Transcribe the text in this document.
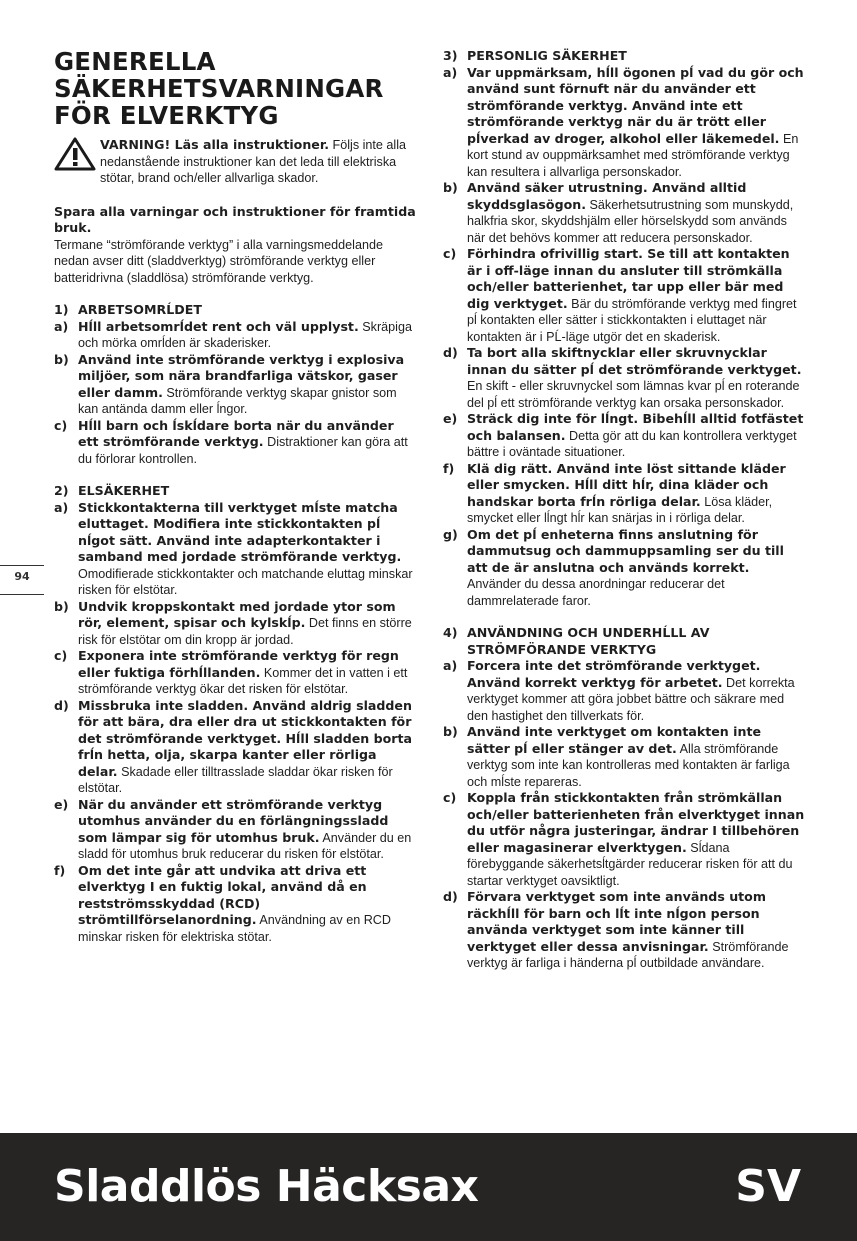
GENERELLA
SÄKERHETSVARNINGAR
FÖR ELVERKTYG
VARNING! Läs alla instruktioner. Följs inte alla nedanstående instruktioner kan det leda till elektriska stötar, brand och/eller allvarliga skador.
Spara alla varningar och instruktioner för framtida bruk.
Termane “strömförande verktyg” i alla varningsmeddelande nedan avser ditt (sladdverktyg) strömförande verktyg eller batteridrivna (sladdlösa) strömförande verktyg.
1) ARBETSOMRĹDET
a) Hĺll arbetsomrĺdet rent och väl upplyst. Skräpiga och mörka omrĺden är skaderisker.
b) Använd inte strömförande verktyg i explosiva miljöer, som nära brandfarliga vätskor, gaser eller damm. Strömförande verktyg skapar gnistor som kan antända damm eller ĺngor.
c) Hĺll barn och ĺskĺdare borta när du använder ett strömförande verktyg. Distraktioner kan göra att du förlorar kontrollen.
2) ELSÄKERHET
a) Stickkontakterna till verktyget mĺste matcha eluttaget. Modifiera inte stickkontakten pĺ nĺgot sätt. Använd inte adapterkontakter i samband med jordade strömförande verktyg. Omodifierade stickkontakter och matchande eluttag minskar risken för elstötar.
b) Undvik kroppskontakt med jordade ytor som rör, element, spisar och kylskĺp. Det finns en större risk för elstötar om din kropp är jordad.
c) Exponera inte strömförande verktyg för regn eller fuktiga förhĺllanden. Kommer det in vatten i ett strömförande verktyg ökar det risken för elstötar.
d) Missbruka inte sladden. Använd aldrig sladden för att bära, dra eller dra ut stickkontakten för det strömförande verktyget. Hĺll sladden borta frĺn hetta, olja, skarpa kanter eller rörliga delar. Skadade eller tilltrasslade sladdar ökar risken för elstötar.
e) När du använder ett strömförande verktyg utomhus använder du en förlängningssladd som lämpar sig för utomhus bruk. Använder du en sladd för utomhus bruk reducerar du risken för elstötar.
f)	Om det inte går att undvika att driva ett elverktyg I en fuktig lokal, använd då en restströmsskyddad (RCD) strömtillförselanordning. Användning av en RCD minskar risken för elektriska stötar.
3) PERSONLIG SÄKERHET
a) Var uppmärksam, hĺll ögonen pĺ vad du gör och använd sunt förnuft när du använder ett strömförande verktyg. Använd inte ett strömförande verktyg när du är trött eller pĺverkad av droger, alkohol eller läkemedel. En kort stund av ouppmärksamhet med strömförande verktyg kan resultera i allvarliga personskador.
b) Använd säker utrustning. Använd alltid skyddsglasögon. Säkerhetsutrustning som munskydd, halkfria skor, skyddshjälm eller hörselskydd som används när det behövs kommer att reducera personskador.
c) Förhindra ofrivillig start. Se till att kontakten är i off-läge innan du ansluter till strömkälla och/eller batterienhet, tar upp eller bär med dig verktyget. Bär du strömförande verktyg med fingret pĺ kontakten eller sätter i stickkontakten i eluttaget när kontakten är i PĹ-läge utgör det en skaderisk.
d) Ta bort alla skiftnycklar eller skruvnycklar innan du sätter pĺ det strömförande verktyget. En skift - eller skruvnyckel som lämnas kvar pĺ en roterande del pĺ ett strömförande verktyg kan orsaka personskador.
e) Sträck dig inte för lĺngt. Bibehĺll alltid fotfästet och balansen. Detta gör att du kan kontrollera verktyget bättre i oväntade situationer.
f)	Klä dig rätt. Använd inte löst sittande kläder eller smycken. Hĺll ditt hĺr, dina kläder och handskar borta frĺn rörliga delar. Lösa kläder, smycket eller lĺngt hĺr kan snärjas in i rörliga delar.
g) Om det pĺ enheterna finns anslutning för dammutsug och dammuppsamling ser du till att de är anslutna och används korrekt. Använder du dessa anordningar reducerar det dammrelaterade faror.
4) ANVÄNDNING OCH UNDERHĹLL AV STRÖMFÖRANDE VERKTYG
a) Forcera inte det strömförande verktyget. Använd korrekt verktyg för arbetet. Det korrekta verktyget kommer att göra jobbet bättre och säkrare med den hastighet den tillverkats för.
b) Använd inte verktyget om kontakten inte sätter pĺ eller stänger av det. Alla strömförande verktyg som inte kan kontrolleras med kontakten är farliga och mĺste repareras.
c) Koppla från stickkontakten från strömkällan och/eller batterienheten från elverktyget innan du utför några justeringar, ändrar I tillbehören eller magasinerar elverktygen. Sĺdana förebyggande säkerhetsĺtgärder reducerar risken för att du startar verktyget oavsiktligt.
d) Förvara verktyget som inte används utom räckhĺll för barn och lĺt inte nĺgon person använda verktyget som inte känner till verktyget eller dessa anvisningar. Strömförande verktyg är farliga i händerna pĺ outbildade användare.
94
Sladdlös Häcksax	SV
